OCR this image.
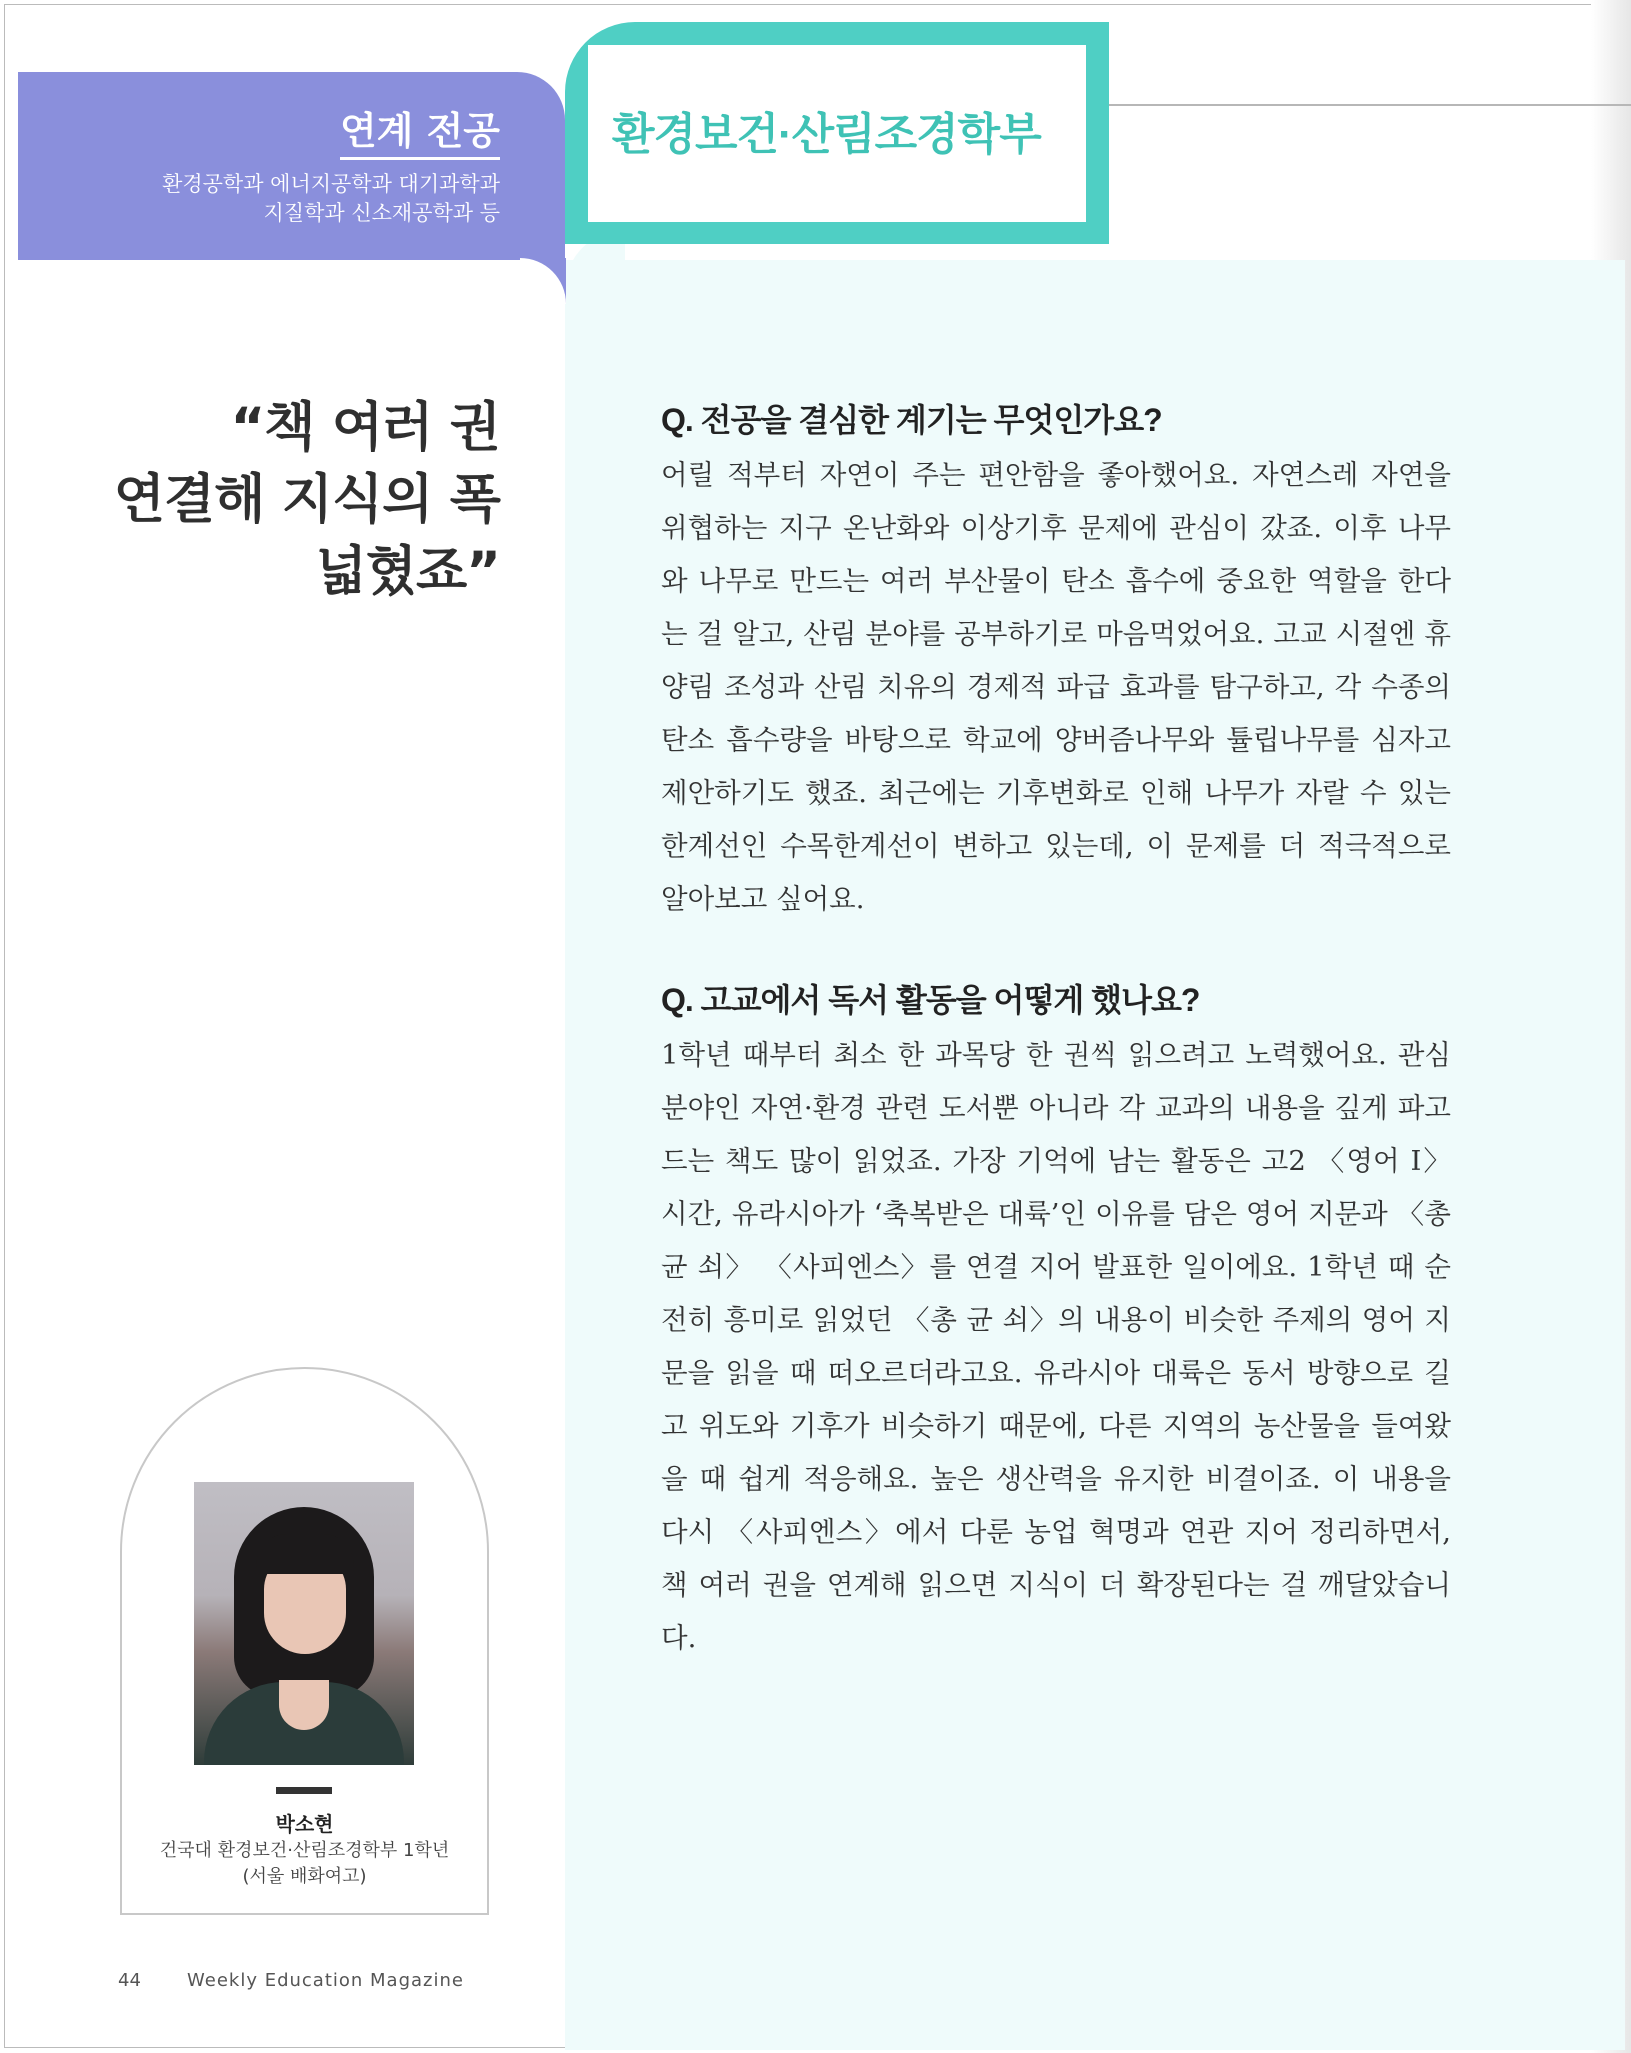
환경보건·산림조경학부
연계 전공
환경공학과 에너지공학과 대기과학과
지질학과 신소재공학과 등
“책 여러 권
연결해 지식의 폭
넓혔죠”

Q. 전공을 결심한 계기는 무엇인가요?

어릴 적부터 자연이 주는 편안함을 좋아했어요. 자연스레 자연을 위협하는 지구 온난화와 이상기후 문제에 관심이 갔죠. 이후 나무와 나무로 만드는 여러 부산물이 탄소 흡수에 중요한 역할을 한다는 걸 알고, 산림 분야를 공부하기로 마음먹었어요. 고교 시절엔 휴양림 조성과 산림 치유의 경제적 파급 효과를 탐구하고, 각 수종의 탄소 흡수량을 바탕으로 학교에 양버즘나무와 튤립나무를 심자고 제안하기도 했죠. 최근에는 기후변화로 인해 나무가 자랄 수 있는 한계선인 수목한계선이 변하고 있는데, 이 문제를 더 적극적으로 알아보고 싶어요.

Q. 고교에서 독서 활동을 어떻게 했나요?

1학년 때부터 최소 한 과목당 한 권씩 읽으려고 노력했어요. 관심 분야인 자연·환경 관련 도서뿐 아니라 각 교과의 내용을 깊게 파고드는 책도 많이 읽었죠. 가장 기억에 남는 활동은 고2 〈영어 I〉 시간, 유라시아가 ‘축복받은 대륙’인 이유를 담은 영어 지문과 〈총 균 쇠〉 〈사피엔스〉를 연결 지어 발표한 일이에요. 1학년 때 순전히 흥미로 읽었던 〈총 균 쇠〉의 내용이 비슷한 주제의 영어 지문을 읽을 때 떠오르더라고요. 유라시아 대륙은 동서 방향으로 길고 위도와 기후가 비슷하기 때문에, 다른 지역의 농산물을 들여왔을 때 쉽게 적응해요. 높은 생산력을 유지한 비결이죠. 이 내용을 다시 〈사피엔스〉에서 다룬 농업 혁명과 연관 지어 정리하면서, 책 여러 권을 연계해 읽으면 지식이 더 확장된다는 걸 깨달았습니다.

박소현
건국대 환경보건·산림조경학부 1학년
(서울 배화여고)
44	Weekly Education Magazine
